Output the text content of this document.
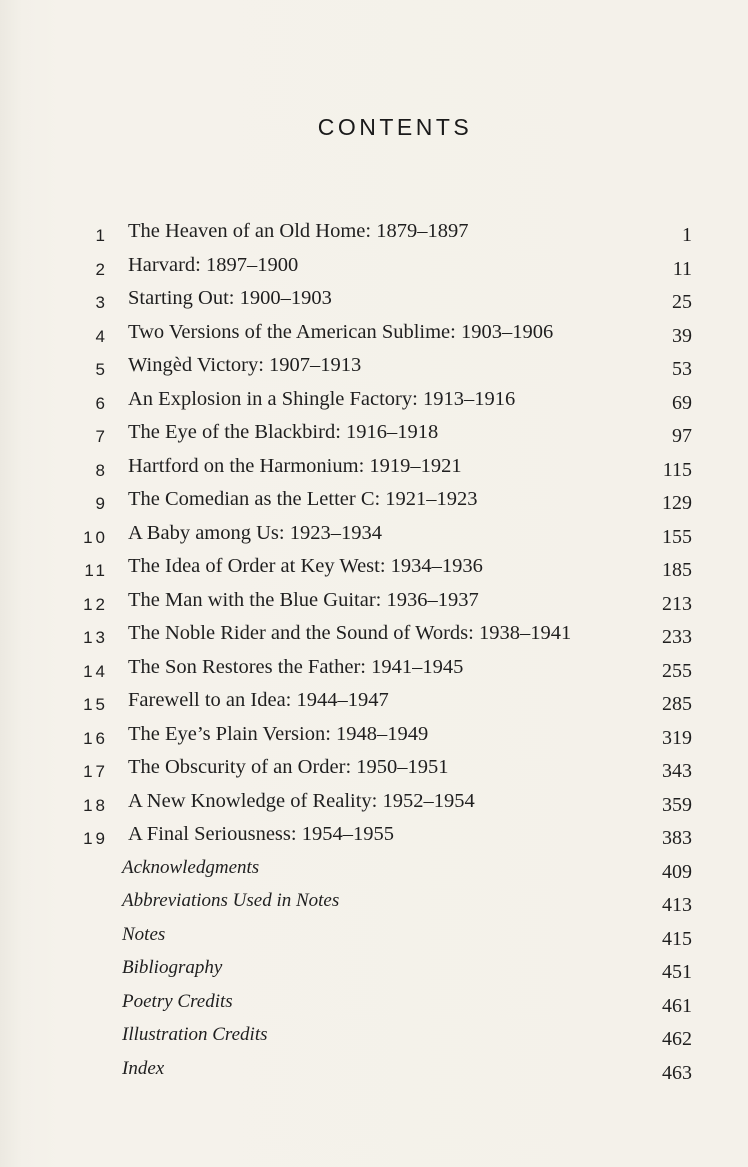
CONTENTS
1 The Heaven of an Old Home: 1879–1897	1
2 Harvard: 1897–1900	11
3 Starting Out: 1900–1903	25
4 Two Versions of the American Sublime: 1903–1906	39
5 Wingèd Victory: 1907–1913	53
6 An Explosion in a Shingle Factory: 1913–1916	69
7 The Eye of the Blackbird: 1916–1918	97
8 Hartford on the Harmonium: 1919–1921	115
9 The Comedian as the Letter C: 1921–1923	129
10 A Baby among Us: 1923–1934	155
11 The Idea of Order at Key West: 1934–1936	185
12 The Man with the Blue Guitar: 1936–1937	213
13 The Noble Rider and the Sound of Words: 1938–1941	233
14 The Son Restores the Father: 1941–1945	255
15 Farewell to an Idea: 1944–1947	285
16 The Eye’s Plain Version: 1948–1949	319
17 The Obscurity of an Order: 1950–1951	343
18 A New Knowledge of Reality: 1952–1954	359
19 A Final Seriousness: 1954–1955	383
Acknowledgments	409
Abbreviations Used in Notes	413
Notes	415
Bibliography	451
Poetry Credits	461
Illustration Credits	462
Index	463
